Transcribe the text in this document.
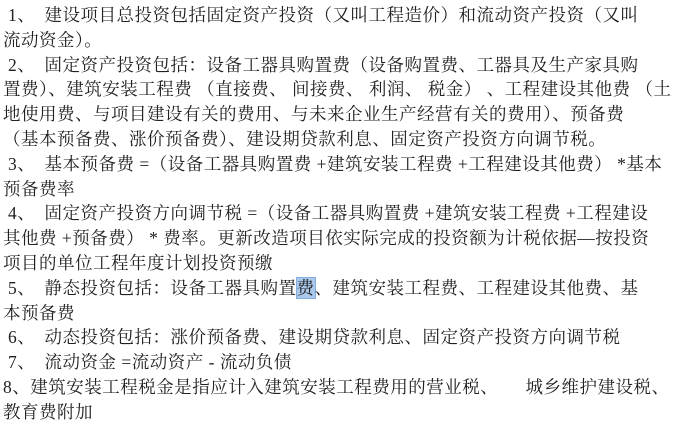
1、　建设项目总投资包括固定资产投资（又叫工程造价）和流动资产投资（又叫
流动资金）。
2、　固定资产投资包括：设备工器具购置费（设备购置费、工器具及生产家具购
置费）、建筑安装工程费 （直接费、 间接费、 利润、 税金） 、工程建设其他费 （土
地使用费、与项目建设有关的费用、与未来企业生产经营有关的费用）、预备费
（基本预备费、涨价预备费）、建设期贷款利息、固定资产投资方向调节税。
3、　基本预备费 =（设备工器具购置费 +建筑安装工程费 +工程建设其他费） *基本
预备费率
4、　固定资产投资方向调节税 =（设备工器具购置费 +建筑安装工程费 +工程建设
其他费 +预备费） * 费率。更新改造项目依实际完成的投资额为计税依据—按投资
项目的单位工程年度计划投资预缴
5、　静态投资包括：设备工器具购置费、建筑安装工程费、工程建设其他费、基
本预备费
6、　动态投资包括：涨价预备费、建设期贷款利息、固定资产投资方向调节税
7、　流动资金 =流动资产 - 流动负债
8、建筑安装工程税金是指应计入建筑安装工程费用的营业税、　　城乡维护建设税、
教育费附加
